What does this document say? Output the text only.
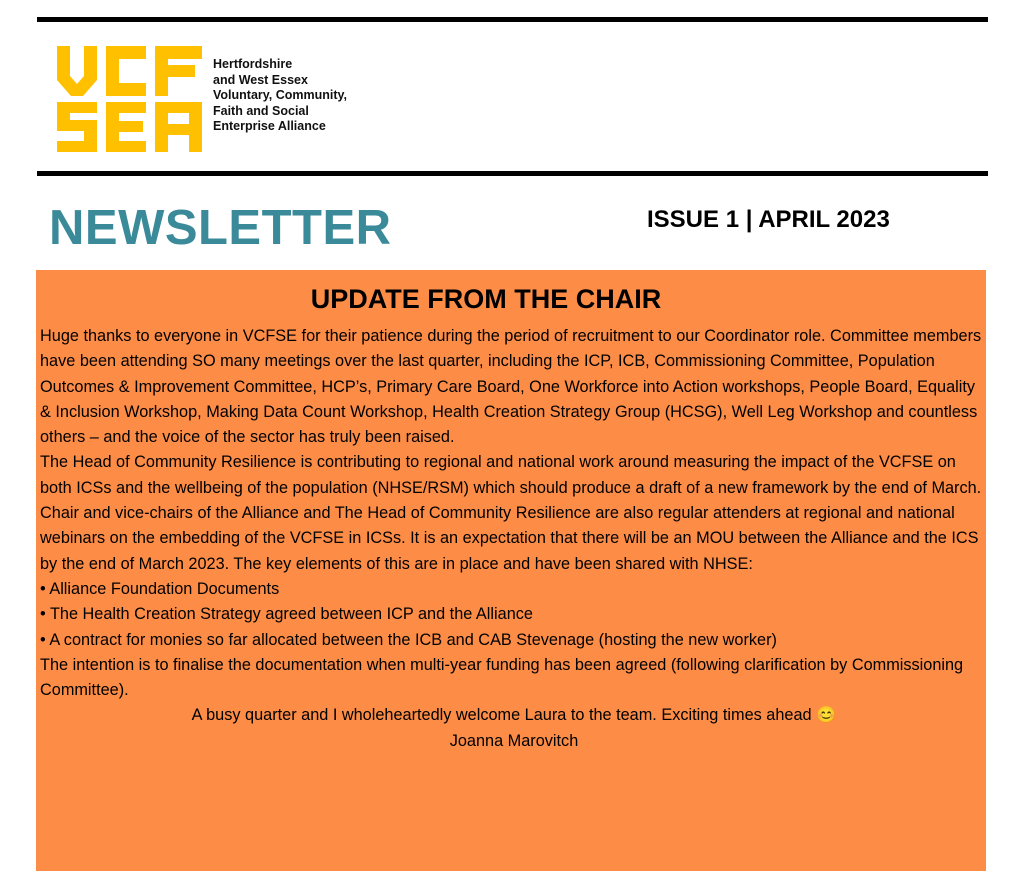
Hertfordshire
and West Essex
Voluntary, Community,
Faith and Social
Enterprise Alliance
NEWSLETTER	ISSUE 1 | APRIL 2023
UPDATE FROM THE CHAIR

Huge thanks to everyone in VCFSE for their patience during the period of recruitment to our Coordinator role. Committee members have been attending SO many meetings over the last quarter, including the ICP, ICB, Commissioning Committee, Population Outcomes & Improvement Committee, HCP’s, Primary Care Board, One Workforce into Action workshops, People Board, Equality & Inclusion Workshop, Making Data Count Workshop, Health Creation Strategy Group (HCSG), Well Leg Workshop and countless others – and the voice of the sector has truly been raised.

The Head of Community Resilience is contributing to regional and national work around measuring the impact of the VCFSE on both ICSs and the wellbeing of the population (NHSE/RSM) which should produce a draft of a new framework by the end of March.

Chair and vice-chairs of the Alliance and The Head of Community Resilience are also regular attenders at regional and national webinars on the embedding of the VCFSE in ICSs. It is an expectation that there will be an MOU between the Alliance and the ICS by the end of March 2023. The key elements of this are in place and have been shared with NHSE:

• Alliance Foundation Documents

• The Health Creation Strategy agreed between ICP and the Alliance

• A contract for monies so far allocated between the ICB and CAB Stevenage (hosting the new worker)

The intention is to finalise the documentation when multi-year funding has been agreed (following clarification by Commissioning Committee).

A busy quarter and I wholeheartedly welcome Laura to the team. Exciting times ahead 😊

Joanna Marovitch
